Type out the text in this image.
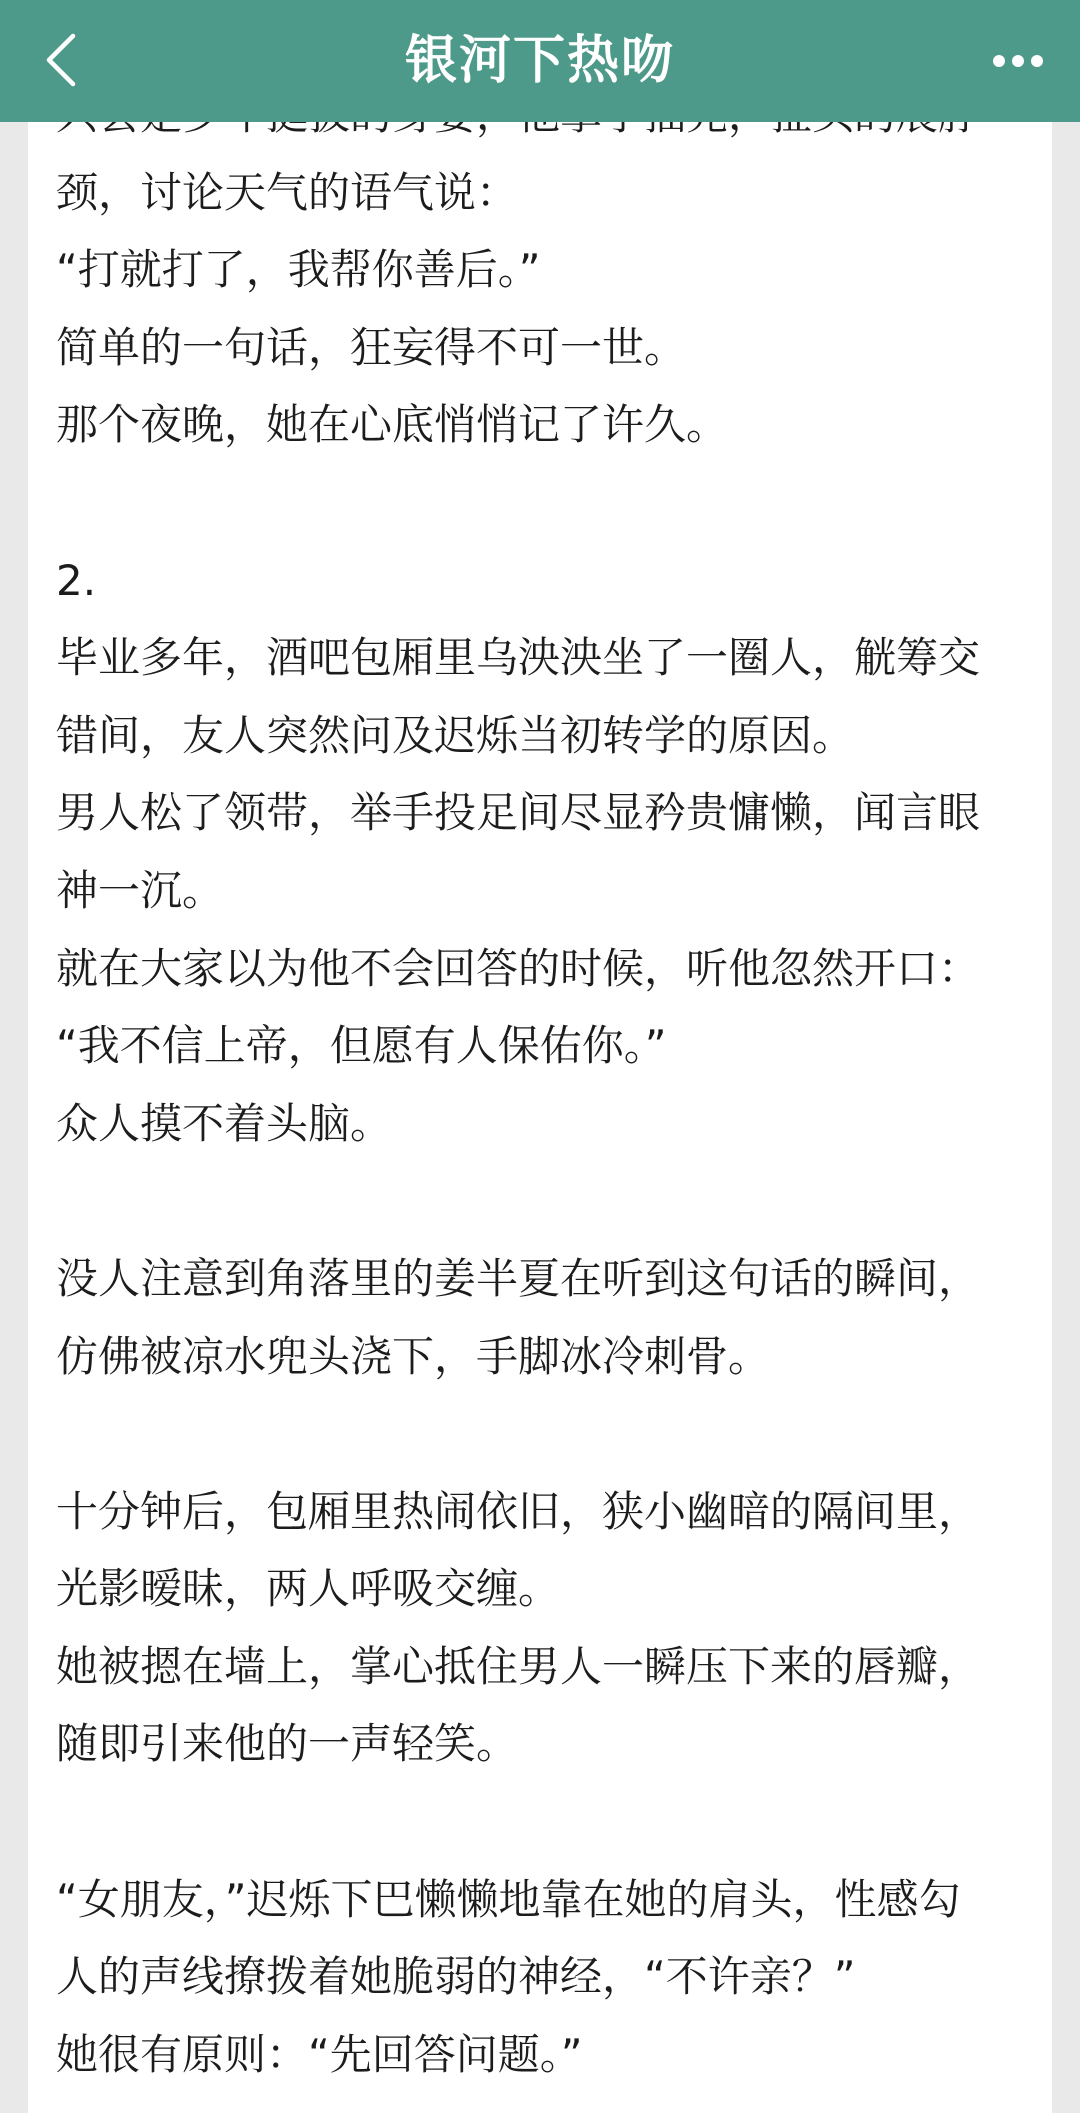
颈，讨论天气的语气说：
“打就打了，我帮你善后。”
简单的一句话，狂妄得不可一世。
那个夜晚，她在心底悄悄记了许久。
2.
毕业多年，酒吧包厢里乌泱泱坐了一圈人，觥筹交
错间，友人突然问及迟烁当初转学的原因。
男人松了领带，举手投足间尽显矜贵慵懒，闻言眼
神一沉。
就在大家以为他不会回答的时候，听他忽然开口：
“我不信上帝，但愿有人保佑你。”
众人摸不着头脑。
没人注意到角落里的姜半夏在听到这句话的瞬间，
仿佛被凉水兜头浇下，手脚冰冷刺骨。
十分钟后，包厢里热闹依旧，狭小幽暗的隔间里，
光影暧昧，两人呼吸交缠。
她被摁在墙上，掌心抵住男人一瞬压下来的唇瓣，
随即引来他的一声轻笑。
“女朋友，”迟烁下巴懒懒地靠在她的肩头，性感勾
人的声线撩拨着她脆弱的神经，“不许亲？”
她很有原则：“先回答问题。”
银河下热吻
